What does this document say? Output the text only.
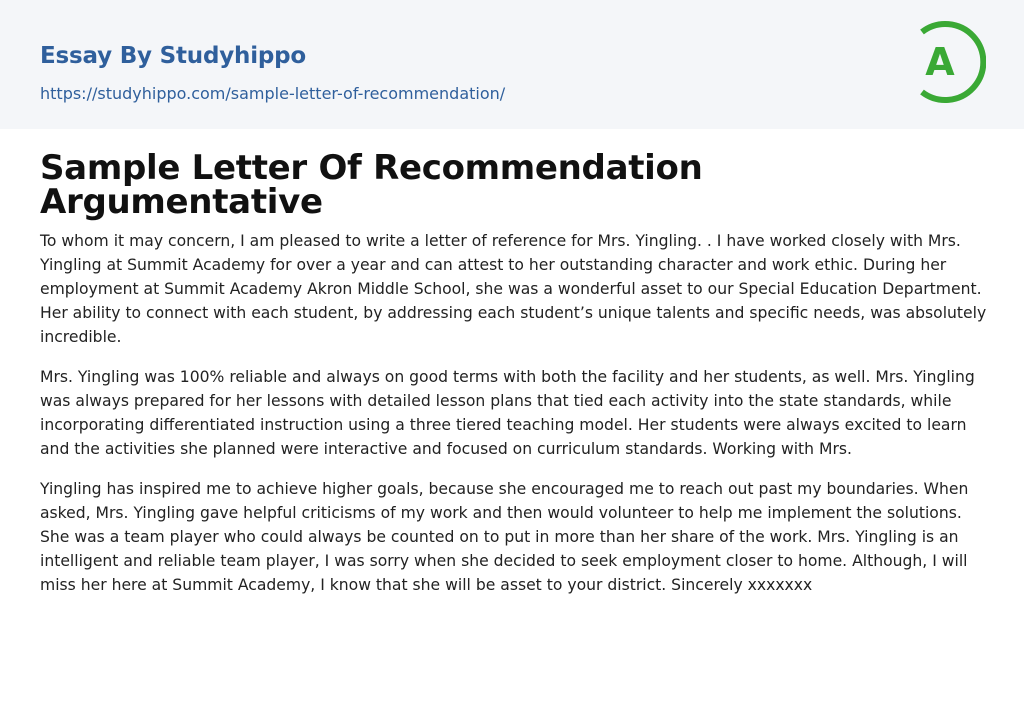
Essay By Studyhippo
https://studyhippo.com/sample-letter-of-recommendation/
A
Sample Letter Of Recommendation Argumentative

To whom it may concern, I am pleased to write a letter of reference for Mrs. Yingling. . I have worked closely with Mrs. Yingling at Summit Academy for over a year and can attest to her outstanding character and work ethic. During her employment at Summit Academy Akron Middle School, she was a wonderful asset to our Special Education Department. Her ability to connect with each student, by addressing each student’s unique talents and specific needs, was absolutely incredible.

Mrs. Yingling was 100% reliable and always on good terms with both the facility and her students, as well. Mrs. Yingling was always prepared for her lessons with detailed lesson plans that tied each activity into the state standards, while incorporating differentiated instruction using a three tiered teaching model. Her students were always excited to learn and the activities she planned were interactive and focused on curriculum standards. Working with Mrs.

Yingling has inspired me to achieve higher goals, because she encouraged me to reach out past my boundaries. When asked, Mrs. Yingling gave helpful criticisms of my work and then would volunteer to help me implement the solutions. She was a team player who could always be counted on to put in more than her share of the work. Mrs. Yingling is an intelligent and reliable team player, I was sorry when she decided to seek employment closer to home. Although, I will miss her here at Summit Academy, I know that she will be asset to your district. Sincerely xxxxxxx
